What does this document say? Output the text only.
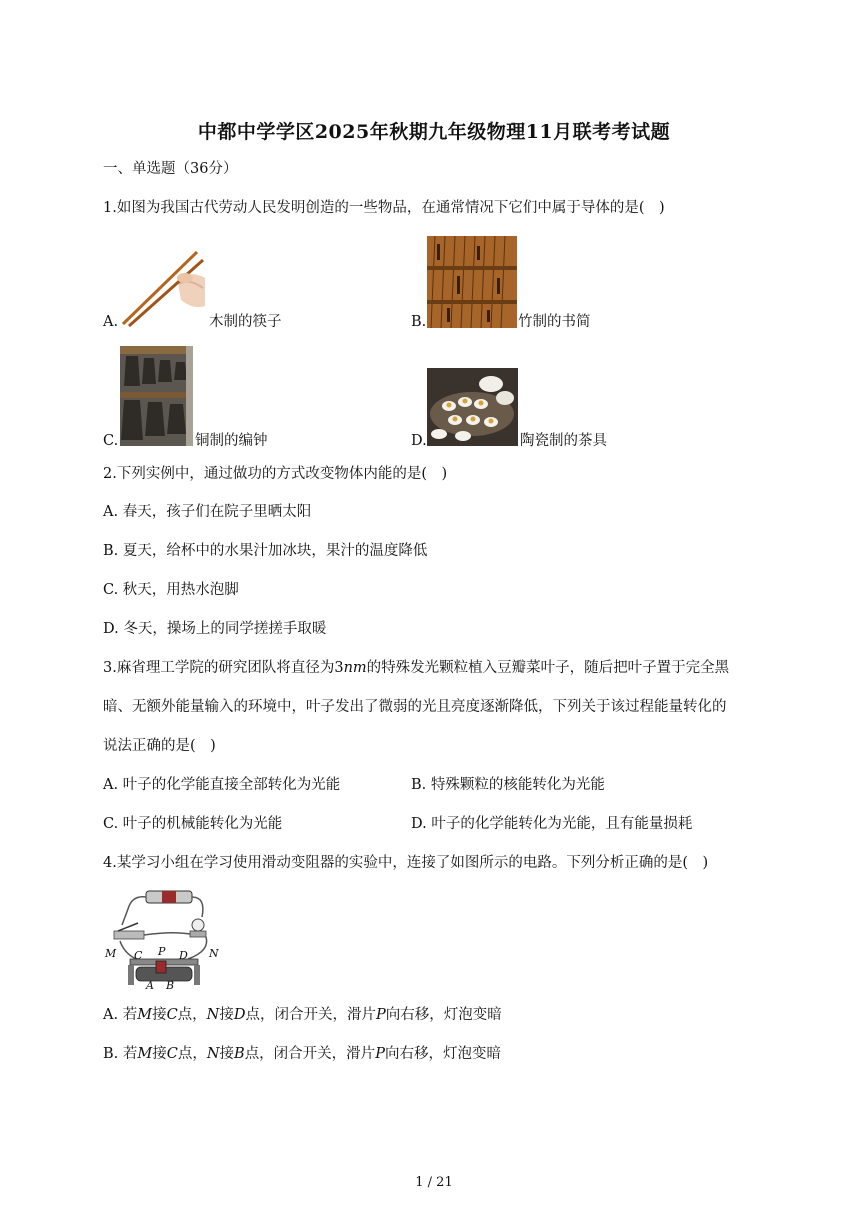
中都中学学区2025年秋期九年级物理11月联考考试题
一、单选题（36分）
1.如图为我国古代劳动人民发明创造的一些物品，在通常情况下它们中属于导体的是(　)
A.	木制的筷子	B.	竹制的书简
C.	铜制的编钟	D.	陶瓷制的茶具
2.下列实例中，通过做功的方式改变物体内能的是(　)
A. 春天，孩子们在院子里晒太阳
B. 夏天，给杯中的水果汁加冰块，果汁的温度降低
C. 秋天，用热水泡脚
D. 冬天，操场上的同学搓搓手取暖
3.麻省理工学院的研究团队将直径为3nm的特殊发光颗粒植入豆瓣菜叶子，随后把叶子置于完全黑
暗、无额外能量输入的环境中，叶子发出了微弱的光且亮度逐渐降低，下列关于该过程能量转化的
说法正确的是(　)
A. 叶子的化学能直接全部转化为光能	B. 特殊颗粒的核能转化为光能
C. 叶子的机械能转化为光能	D. 叶子的化学能转化为光能，且有能量损耗
4.某学习小组在学习使用滑动变阻器的实验中，连接了如图所示的电路。下列分析正确的是(　)
M	N
C P D
A B
A. 若M接C点，N接D点，闭合开关，滑片P向右移，灯泡变暗
B. 若M接C点，N接B点，闭合开关，滑片P向右移，灯泡变暗
1 / 21
